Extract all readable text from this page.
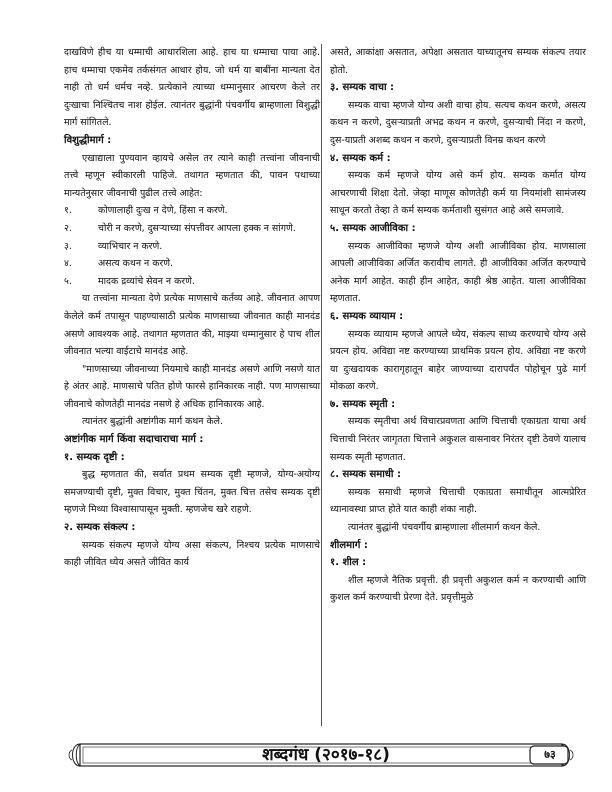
दाखविणे हीच या धम्माची आधारशिला आहे. हाच या धम्माचा पाया आहे. हाच धम्माचा एकमेव तर्कसंगत आधार होय. जो धर्म या बाबींना मान्यता देत नाही तो धर्म धर्मच नव्हे. प्रत्येकाने त्याच्या धम्मानुसार आचरण केले तर दुःखाचा निश्चितच नाश होईल. त्यानंतर बुद्धांनी पंचवर्गीय ब्राम्हणाला विशुद्धी मार्ग सांगितले.

विशुद्धीमार्ग :

एखाद्याला पुण्यवान व्हायचे असेल तर त्याने काही तत्त्वांना जीवनाची तत्त्वे म्हणून स्वीकारली पाहिजे. तथागत म्हणतात की, पावन पथाच्या मान्यतेनुसार जीवनाची पुढील तत्त्वे आहेत:

१.	कोणालाही दुःख न देणे, हिंसा न करणे.
२.	चोरी न करणे, दुसऱ्याच्या संपत्तीवर आपला हक्क न सांगणे.
३.	व्याभिचार न करणे.
४.	असत्य कथन न करणे.
५.	मादक द्रव्यांचे सेवन न करणे.

या तत्त्वांना मान्यता देणे प्रत्येक माणसाचे कर्तव्य आहे. जीवनात आपण केलेले कर्म तपासून पाहण्यासाठी प्रत्येक माणसाच्या जीवनात काही मानदंड असणे आवश्यक आहे. तथागत म्हणतात की, माझ्या धम्मानुसार हे पाच शील जीवनात भल्या वाईटाचे मानदंड आहे.

"माणसाच्या जीवनाच्या नियमाचे काही मानदंड असणे आणि नसणे यात हे अंतर आहे. माणसाचे पतित होणे फारसे हानिकारक नाही. पण माणसाच्या जीवनाचे कोणतेही मानदंड नसणे हे अधिक हानिकारक आहे.

त्यानंतर बुद्धांनी अष्टांगीक मार्ग कथन केले.

अष्टांगीक मार्ग किंवा सदाचाराचा मार्ग :

१. सम्यक दृष्टी :

बुद्ध म्हणतात की, सर्वात प्रथम सम्यक दृष्टी म्हणजे, योग्य-अयोग्य समजण्याची दृष्टी, मुक्त विचार, मुक्त चिंतन, मुक्त चित्त तसेच सम्यक दृष्टी म्हणजे मिथ्या विश्वासापासून मुक्ती. म्हणजेच खरे राहणे.

२. सम्यक संकल्प :

सम्यक संकल्प म्हणजे योग्य असा संकल्प, निश्चय प्रत्येक माणसाचे काही जीवित ध्येय असते जीवित कार्य

असते, आकांक्षा असतात, अपेक्षा असतात याच्यातूनच सम्यक संकल्प तयार होतो.

३. सम्यक वाचा :

सम्यक वाचा म्हणजे योग्य अशी वाचा होय. सत्यच कथन करणे, असत्य कथन न करणे, दुसऱ्याप्रती अभद्र कथन न करणे, दुसऱ्याची निंदा न करणे, दुस-याप्रती अशब्द कथन न करणे, दुसऱ्याप्रती विनम्र कथन करणे

४. सम्यक कर्म :

सम्यक कर्म म्हणजे योग्य असे कर्म होय. सम्यक कर्मात योग्य आचरणाची शिक्षा देतो. जेव्हा माणूस कोणतेही कर्म या नियमांशी सामंजस्य साधून करतो तेव्हा ते कर्म सम्यक कर्मताशी सुसंगत आहे असे समजावे.

५. सम्यक आजीविका :

सम्यक आजीविका म्हणजे योग्य अशी आजीविका होय. माणसाला आपली आजीविका अर्जित करावीच लागते. ही आजीविका अर्जित करण्याचे अनेक मार्ग आहेत. काही हीन आहेत, काही श्रेष्ठ आहेत. याला आजीविका म्हणतात.

६. सम्यक व्यायाम :

सम्यक व्यायाम म्हणजे आपले ध्येय, संकल्प साध्य करण्याचे योग्य असे प्रयत्न होय. अविद्या नष्ट करण्याच्या प्राथमिक प्रयत्न होय. अविद्या नष्ट करणे या दुःखदायक कारागृहातून बाहेर जाण्याच्या दारापर्यंत पोहोचून पुढे मार्ग मोकळा करणे.

७. सम्यक स्मृती :

सम्यक स्मृतीचा अर्थ विचारप्रवणता आणि चित्ताची एकाग्रता याचा अर्थ चित्ताची निरंतर जागृतता चित्ताने अकुशल वासनावर निरंतर दृष्टी ठेवणे यालाच सम्यक स्मृती म्हणतात.

८. सम्यक समाधी :

सम्यक समाधी म्हणजे चित्ताची एकाग्रता समाधीतून आत्मप्रेरित ध्यानावस्था प्राप्त होते यात काही शंका नाही.

त्यानंतर बुद्धांनी पंचवर्गीय ब्राम्हणाला शीलमार्ग कथन केले.

शीलमार्ग :

१. शील :

शील म्हणजे नैतिक प्रवृत्ती. ही प्रवृत्ती अकुशल कर्म न करण्याची आणि कुशल कर्म करण्याची प्रेरणा देते. प्रवृत्तीमुळे

शब्दगंध (२०१७-१८)	७३
